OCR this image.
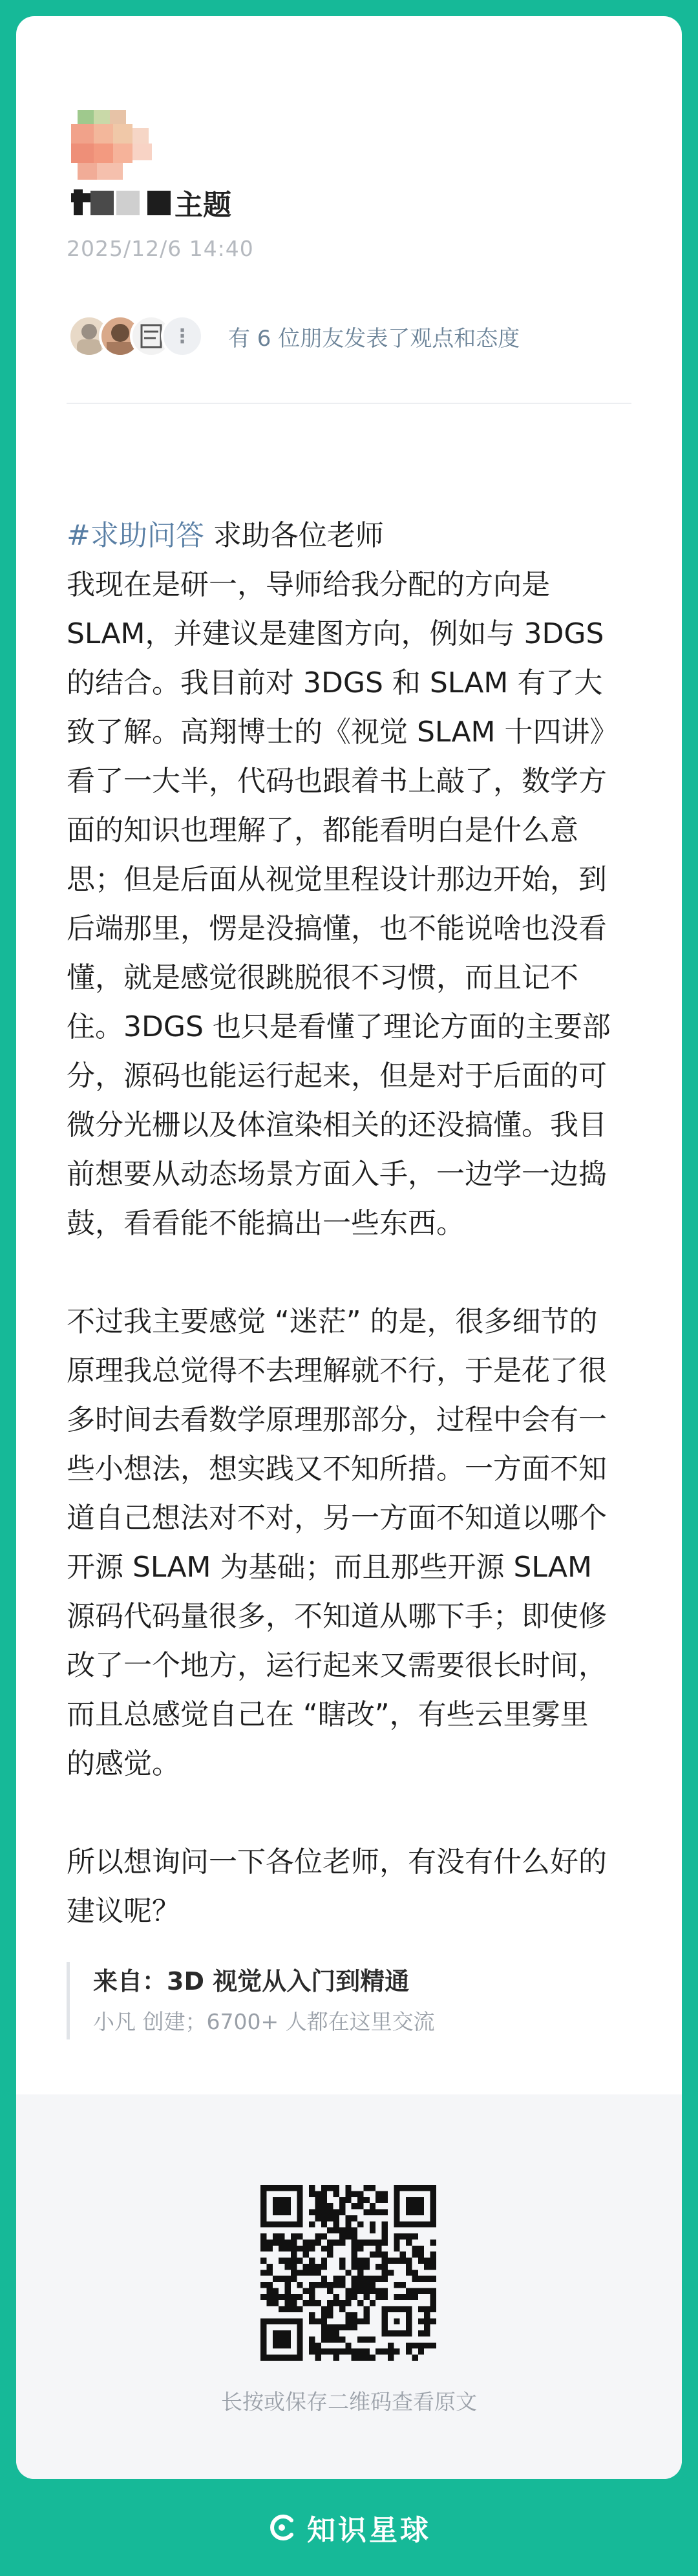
主题
2025/12/6 14:40
⋮	有 6 位朋友发表了观点和态度

#求助问答 求助各位老师

我现在是研一，导师给我分配的方向是
SLAM，并建议是建图方向，例如与 3DGS
的结合。我目前对 3DGS 和 SLAM 有了大
致了解。高翔博士的《视觉 SLAM 十四讲》
看了一大半，代码也跟着书上敲了，数学方
面的知识也理解了，都能看明白是什么意
思；但是后面从视觉里程设计那边开始，到
后端那里，愣是没搞懂，也不能说啥也没看
懂，就是感觉很跳脱很不习惯，而且记不
住。3DGS 也只是看懂了理论方面的主要部
分，源码也能运行起来，但是对于后面的可
微分光栅以及体渲染相关的还没搞懂。我目
前想要从动态场景方面入手，一边学一边捣
鼓，看看能不能搞出一些东西。

不过我主要感觉 “迷茫” 的是，很多细节的
原理我总觉得不去理解就不行，于是花了很
多时间去看数学原理那部分，过程中会有一
些小想法，想实践又不知所措。一方面不知
道自己想法对不对，另一方面不知道以哪个
开源 SLAM 为基础；而且那些开源 SLAM
源码代码量很多，不知道从哪下手；即使修
改了一个地方，运行起来又需要很长时间，
而且总感觉自己在 “瞎改”，有些云里雾里
的感觉。

所以想询问一下各位老师，有没有什么好的
建议呢？

来自：3D 视觉从入门到精通
小凡 创建；6700+ 人都在这里交流
长按或保存二维码查看原文
知识星球
